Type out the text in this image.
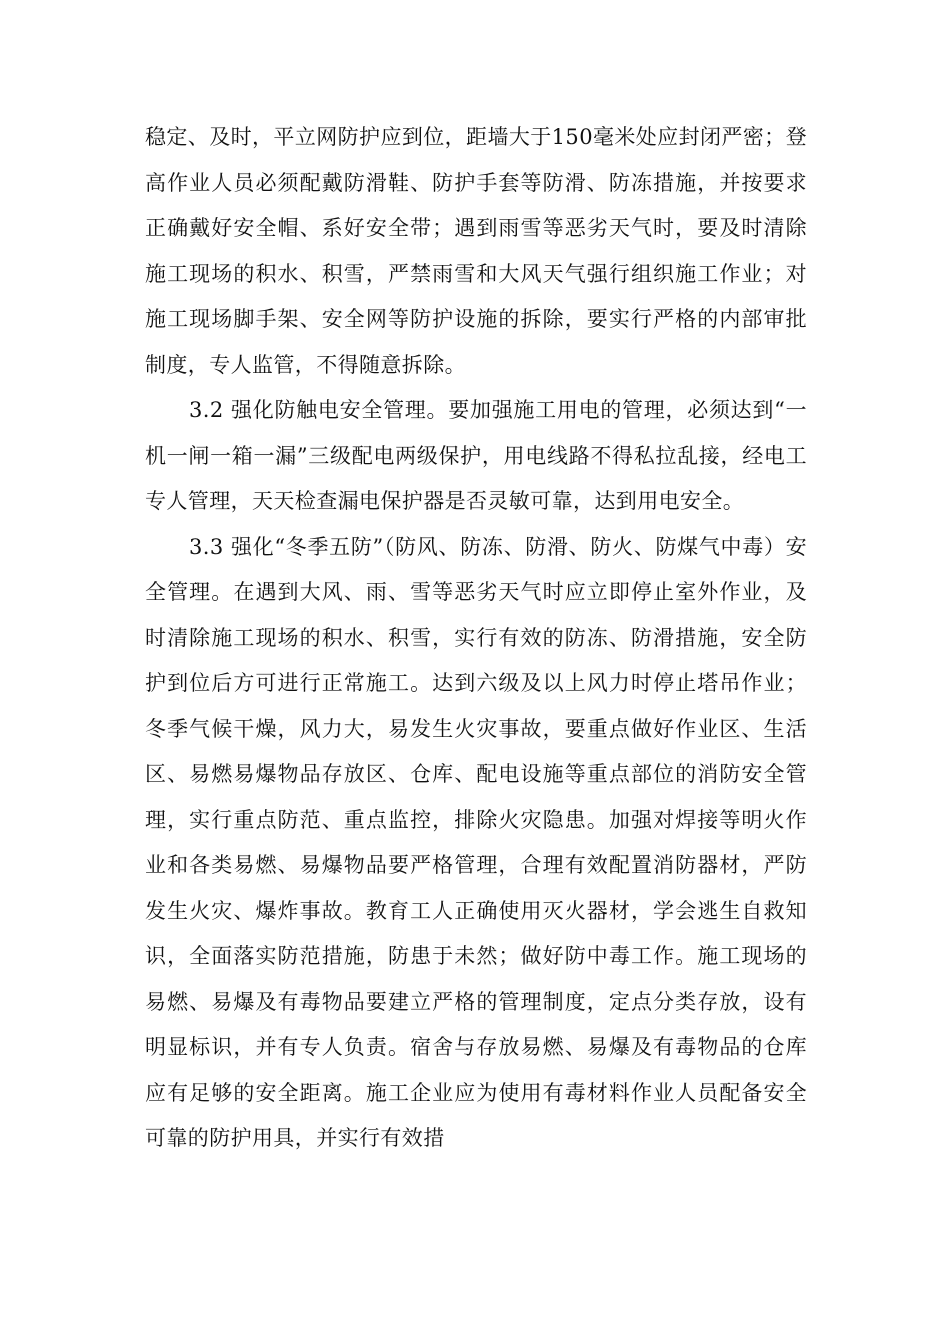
稳定、及时，平立网防护应到位，距墙大于150毫米处应封闭严密；登高作业人员必须配戴防滑鞋、防护手套等防滑、防冻措施，并按要求正确戴好安全帽、系好安全带；遇到雨雪等恶劣天气时，要及时清除施工现场的积水、积雪，严禁雨雪和大风天气强行组织施工作业；对施工现场脚手架、安全网等防护设施的拆除，要实行严格的内部审批制度，专人监管，不得随意拆除。

3.2 强化防触电安全管理。要加强施工用电的管理，必须达到“一机一闸一箱一漏”三级配电两级保护，用电线路不得私拉乱接，经电工专人管理，天天检查漏电保护器是否灵敏可靠，达到用电安全。

3.3 强化“冬季五防”（防风、防冻、防滑、防火、防煤气中毒）安全管理。在遇到大风、雨、雪等恶劣天气时应立即停止室外作业，及时清除施工现场的积水、积雪，实行有效的防冻、防滑措施，安全防护到位后方可进行正常施工。达到六级及以上风力时停止塔吊作业；冬季气候干燥，风力大，易发生火灾事故，要重点做好作业区、生活区、易燃易爆物品存放区、仓库、配电设施等重点部位的消防安全管理，实行重点防范、重点监控，排除火灾隐患。加强对焊接等明火作业和各类易燃、易爆物品要严格管理，合理有效配置消防器材，严防发生火灾、爆炸事故。教育工人正确使用灭火器材，学会逃生自救知识，全面落实防范措施，防患于未然；做好防中毒工作。施工现场的易燃、易爆及有毒物品要建立严格的管理制度，定点分类存放，设有明显标识，并有专人负责。宿舍与存放易燃、易爆及有毒物品的仓库应有足够的安全距离。施工企业应为使用有毒材料作业人员配备安全可靠的防护用具，并实行有效措
